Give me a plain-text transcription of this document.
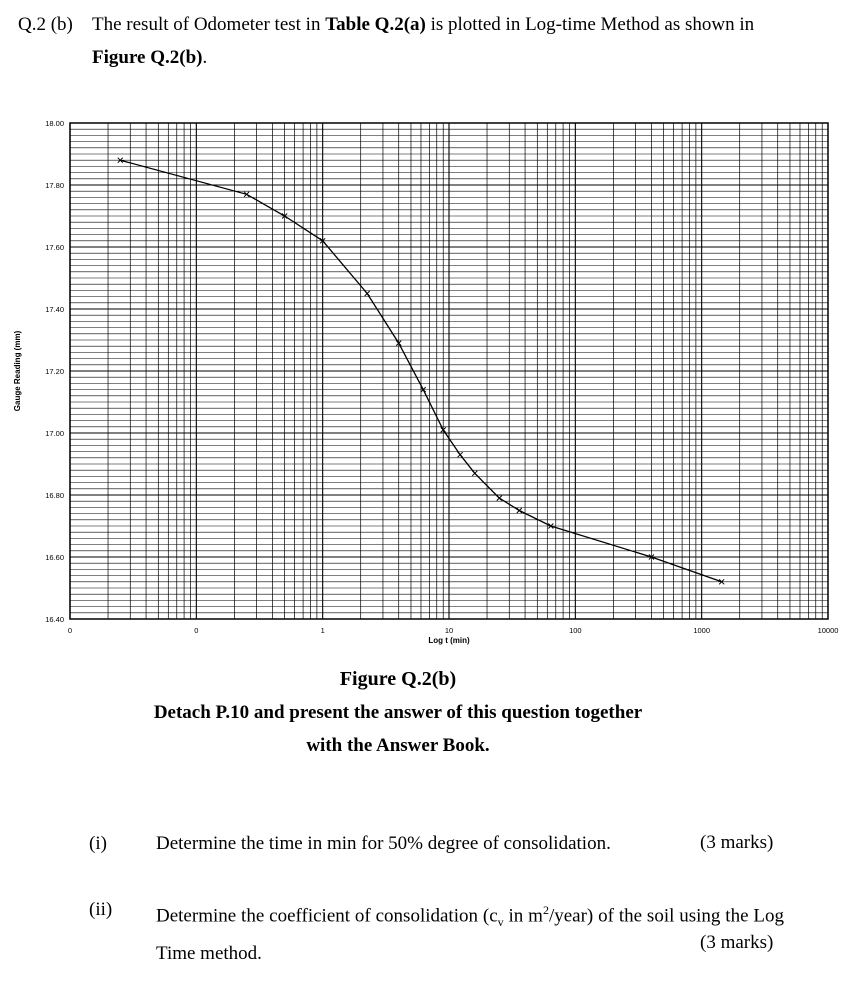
Q.2 (b)	The result of Odometer test in Table Q.2(a) is plotted in Log-time Method as shown in Figure Q.2(b).
18.00
17.80
17.60
17.40
17.20
17.00
16.80
16.60
16.40
0	0	1	10	100	1000	10000
Gauge Reading (mm)
Log t (min)
Figure Q.2(b)
Detach P.10 and present the answer of this question together
with the Answer Book.
(i)	Determine the time in min for 50% degree of consolidation.	(3 marks)
(ii) Determine the coefficient of consolidation ($c_v$ in $m^2/year$) of the soil using the Log Time method.
(3 marks)
